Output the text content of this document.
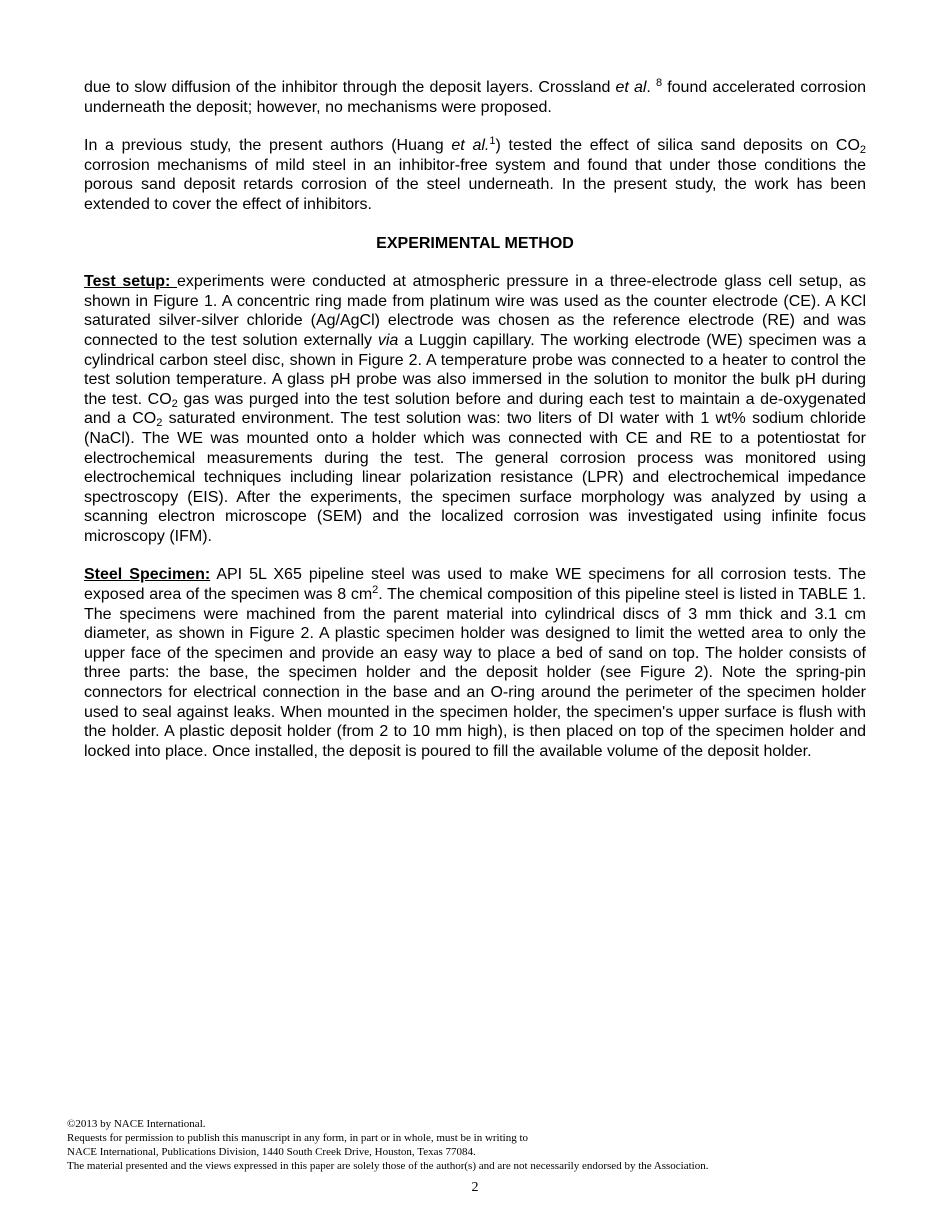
due to slow diffusion of the inhibitor through the deposit layers. Crossland et al. $^8$ found accelerated corrosion underneath the deposit; however, no mechanisms were proposed.

In a previous study, the present authors (Huang et al.$^1$) tested the effect of silica sand deposits on $CO_2$ corrosion mechanisms of mild steel in an inhibitor-free system and found that under those conditions the porous sand deposit retards corrosion of the steel underneath. In the present study, the work has been extended to cover the effect of inhibitors.

EXPERIMENTAL METHOD

Test setup: experiments were conducted at atmospheric pressure in a three-electrode glass cell setup, as shown in Figure 1. A concentric ring made from platinum wire was used as the counter electrode (CE). A KCl saturated silver-silver chloride (Ag/AgCl) electrode was chosen as the reference electrode (RE) and was connected to the test solution externally via a Luggin capillary. The working electrode (WE) specimen was a cylindrical carbon steel disc, shown in Figure 2. A temperature probe was connected to a heater to control the test solution temperature. A glass pH probe was also immersed in the solution to monitor the bulk pH during the test. $CO_2$ gas was purged into the test solution before and during each test to maintain a de-oxygenated and a $CO_2$ saturated environment. The test solution was: two liters of DI water with 1 wt% sodium chloride (NaCl). The WE was mounted onto a holder which was connected with CE and RE to a potentiostat for electrochemical measurements during the test. The general corrosion process was monitored using electrochemical techniques including linear polarization resistance (LPR) and electrochemical impedance spectroscopy (EIS). After the experiments, the specimen surface morphology was analyzed by using a scanning electron microscope (SEM) and the localized corrosion was investigated using infinite focus microscopy (IFM).

Steel Specimen: API 5L X65 pipeline steel was used to make WE specimens for all corrosion tests. The exposed area of the specimen was 8 $cm^2$. The chemical composition of this pipeline steel is listed in TABLE 1. The specimens were machined from the parent material into cylindrical discs of 3 mm thick and 3.1 cm diameter, as shown in Figure 2. A plastic specimen holder was designed to limit the wetted area to only the upper face of the specimen and provide an easy way to place a bed of sand on top. The holder consists of three parts: the base, the specimen holder and the deposit holder (see Figure 2). Note the spring-pin connectors for electrical connection in the base and an O-ring around the perimeter of the specimen holder used to seal against leaks. When mounted in the specimen holder, the specimen's upper surface is flush with the holder. A plastic deposit holder (from 2 to 10 mm high), is then placed on top of the specimen holder and locked into place. Once installed, the deposit is poured to fill the available volume of the deposit holder.

©2013 by NACE International.
Requests for permission to publish this manuscript in any form, in part or in whole, must be in writing to
NACE International, Publications Division, 1440 South Creek Drive, Houston, Texas 77084.
The material presented and the views expressed in this paper are solely those of the author(s) and are not necessarily endorsed by the Association.
2
